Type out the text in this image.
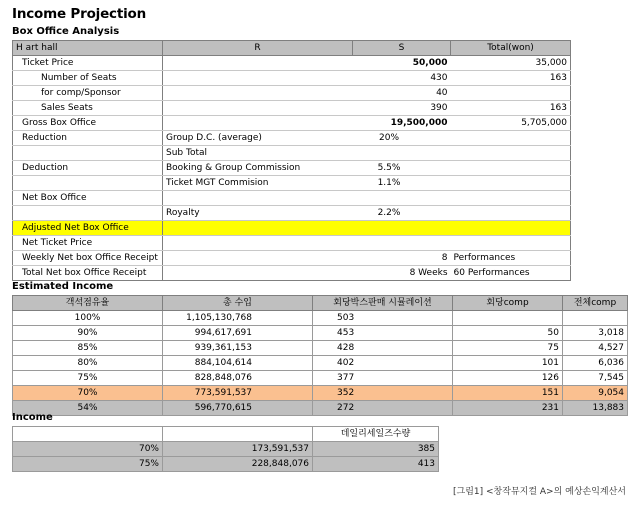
Income Projection
Box Office Analysis
H art hall	R		S	Total(won)	
Ticket Price		50,000		35,000	
Number of Seats		430		163	
for comp/Sponsor		40		
Sales Seats		390		163	
Gross Box Office		19,500,000		5,705,000	
Reduction	Group D.C. (average)	20%		
	Sub Total			
Deduction	Booking & Group Commission	5.5%		
	Ticket MGT Commision	1.1%		
Net Box Office				
	Royalty	2.2%		
Adjusted Net Box Office				
Net Ticket Price				
Weekly Net box Office Receipt		8		Performances	
Total Net box Office Receipt		8 Weeks		60 Performances	
Estimated Income
객석점유율	총 수입	회당박스판매 시뮬레이션	회당comp	전체comp
100%	1,105,130,768	503		
90%	994,617,691	453	50	3,018
85%	939,361,153	428	75	4,527
80%	884,104,614	402	101	6,036
75%	828,848,076	377	126	7,545
70%	773,591,537	352	151	9,054
54%	596,770,615	272	231	13,883
Income
		데일리세일즈수량
70%	173,591,537	385
75%	228,848,076	413
[그림1] <창작뮤지컬 A>의 예상손익계산서
